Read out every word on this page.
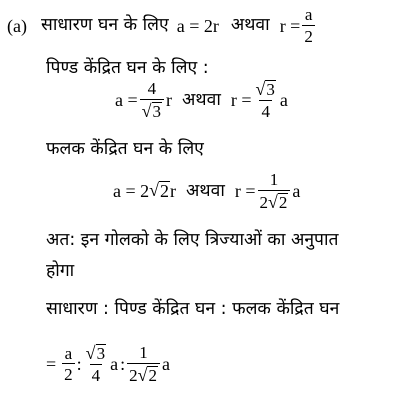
(a) साधारण घन के लिए a = 2r अथवा $r = \frac{a}{2}$
पिण्ड केंद्रित घन के लिए :
$a = \frac{4}{√ 3}$ r अथवा $r = \frac{√ 3}{4}$ a
फलक केंद्रित घन के लिए
a = 2 √ 2 r अथवा $r = \frac{1}{2 √ 2}$ a
अत: इन गोलको के लिए त्रिज्याओं का अनुपात
होगा
साधारण : पिण्ड केंद्रित घन : फलक केंद्रित घन
= $\frac{a}{2}$ : $\frac{√ 3}{4}$ a : $\frac{1}{2 √ 2}$ a
